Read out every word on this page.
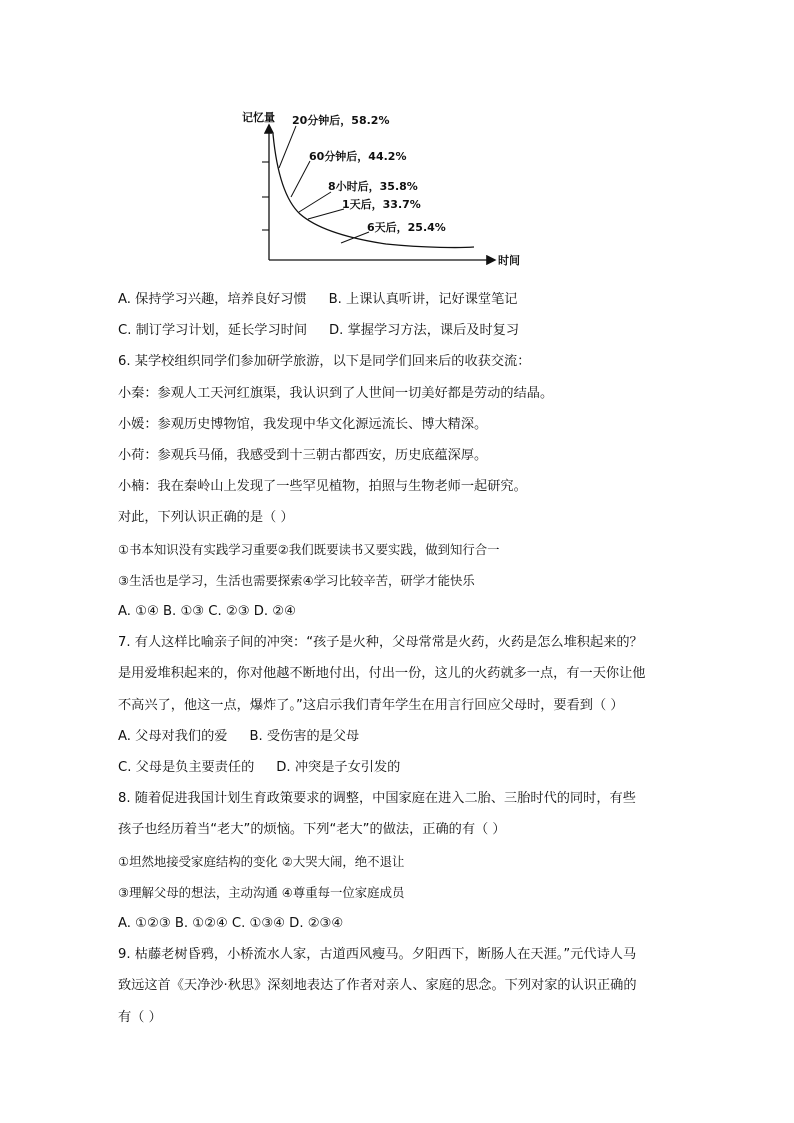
记忆量
时间
20分钟后，58.2%
60分钟后，44.2%
8小时后，35.8%
1天后，33.7%
6天后，25.4%
A. 保持学习兴趣，培养良好习惯 B. 上课认真听讲，记好课堂笔记
C. 制订学习计划，延长学习时间 D. 掌握学习方法，课后及时复习
6. 某学校组织同学们参加研学旅游，以下是同学们回来后的收获交流：
小秦：参观人工天河红旗渠，我认识到了人世间一切美好都是劳动的结晶。
小媛：参观历史博物馆，我发现中华文化源远流长、博大精深。
小荷：参观兵马俑，我感受到十三朝古都西安，历史底蕴深厚。
小楠：我在秦岭山上发现了一些罕见植物，拍照与生物老师一起研究。
对此，下列认识正确的是（ ）
①书本知识没有实践学习重要②我们既要读书又要实践，做到知行合一
③生活也是学习，生活也需要探索④学习比较辛苦，研学才能快乐
A. ①④ B. ①③ C. ②③ D. ②④
7. 有人这样比喻亲子间的冲突：“孩子是火种，父母常常是火药，火药是怎么堆积起来的？
是用爱堆积起来的，你对他越不断地付出，付出一份，这儿的火药就多一点，有一天你让他
不高兴了，他这一点，爆炸了。”这启示我们青年学生在用言行回应父母时，要看到（ ）
A. 父母对我们的爱 B. 受伤害的是父母
C. 父母是负主要责任的 D. 冲突是子女引发的
8. 随着促进我国计划生育政策要求的调整，中国家庭在进入二胎、三胎时代的同时，有些
孩子也经历着当“老大”的烦恼。下列“老大”的做法，正确的有（ ）
①坦然地接受家庭结构的变化 ②大哭大闹，绝不退让
③理解父母的想法，主动沟通 ④尊重每一位家庭成员
A. ①②③ B. ①②④ C. ①③④ D. ②③④
9. 枯藤老树昏鸦，小桥流水人家，古道西风瘦马。夕阳西下，断肠人在天涯。”元代诗人马
致远这首《天净沙·秋思》深刻地表达了作者对亲人、家庭的思念。下列对家的认识正确的
有（ ）
